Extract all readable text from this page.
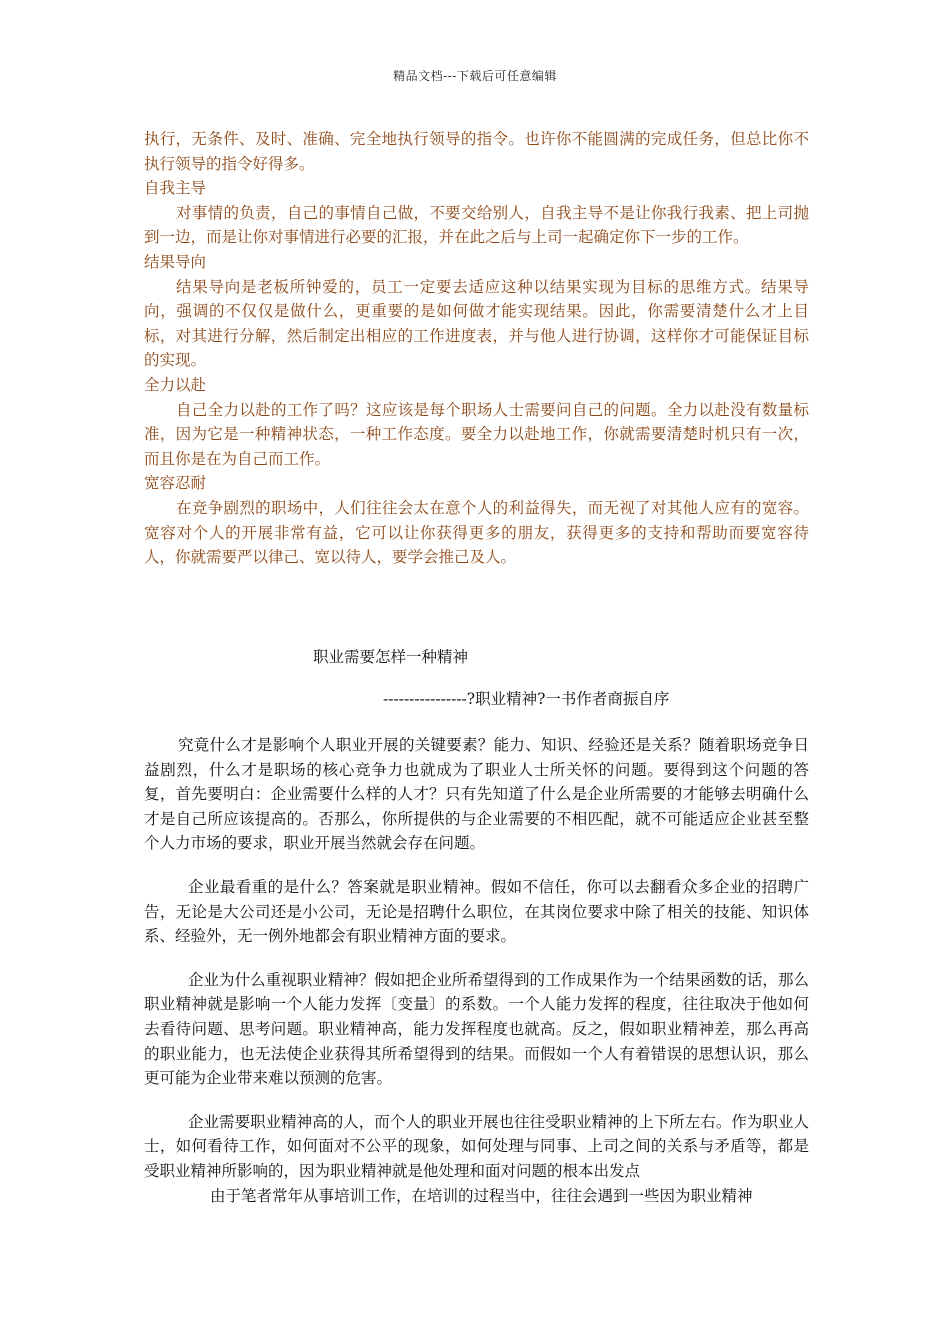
精品文档---下载后可任意编辑

执行，无条件、及时、准确、完全地执行领导的指令。也许你不能圆满的完成任务，但总比你不执行领导的指令好得多。

自我主导

对事情的负责，自己的事情自己做，不要交给别人，自我主导不是让你我行我素、把上司抛到一边，而是让你对事情进行必要的汇报，并在此之后与上司一起确定你下一步的工作。

结果导向

结果导向是老板所钟爱的，员工一定要去适应这种以结果实现为目标的思维方式。结果导向，强调的不仅仅是做什么，更重要的是如何做才能实现结果。因此，你需要清楚什么才上目标，对其进行分解，然后制定出相应的工作进度表，并与他人进行协调，这样你才可能保证目标的实现。

全力以赴

自己全力以赴的工作了吗？这应该是每个职场人士需要问自己的问题。全力以赴没有数量标准，因为它是一种精神状态，一种工作态度。要全力以赴地工作，你就需要清楚时机只有一次，而且你是在为自己而工作。

宽容忍耐

在竞争剧烈的职场中，人们往往会太在意个人的利益得失，而无视了对其他人应有的宽容。宽容对个人的开展非常有益，它可以让你获得更多的朋友，获得更多的支持和帮助而要宽容待人，你就需要严以律己、宽以待人，要学会推己及人。

职业需要怎样一种精神
----------------?职业精神?一书作者商振自序

究竟什么才是影响个人职业开展的关键要素？能力、知识、经验还是关系？随着职场竞争日益剧烈，什么才是职场的核心竞争力也就成为了职业人士所关怀的问题。要得到这个问题的答复，首先要明白：企业需要什么样的人才？只有先知道了什么是企业所需要的才能够去明确什么才是自己所应该提高的。否那么，你所提供的与企业需要的不相匹配，就不可能适应企业甚至整个人力市场的要求，职业开展当然就会存在问题。

企业最看重的是什么？答案就是职业精神。假如不信任，你可以去翻看众多企业的招聘广告，无论是大公司还是小公司，无论是招聘什么职位，在其岗位要求中除了相关的技能、知识体系、经验外，无一例外地都会有职业精神方面的要求。

企业为什么重视职业精神？假如把企业所希望得到的工作成果作为一个结果函数的话，那么职业精神就是影响一个人能力发挥〔变量〕的系数。一个人能力发挥的程度，往往取决于他如何去看待问题、思考问题。职业精神高，能力发挥程度也就高。反之，假如职业精神差，那么再高的职业能力，也无法使企业获得其所希望得到的结果。而假如一个人有着错误的思想认识，那么更可能为企业带来难以预测的危害。

企业需要职业精神高的人，而个人的职业开展也往往受职业精神的上下所左右。作为职业人士，如何看待工作，如何面对不公平的现象，如何处理与同事、上司之间的关系与矛盾等，都是受职业精神所影响的，因为职业精神就是他处理和面对问题的根本出发点

由于笔者常年从事培训工作，在培训的过程当中，往往会遇到一些因为职业精神
